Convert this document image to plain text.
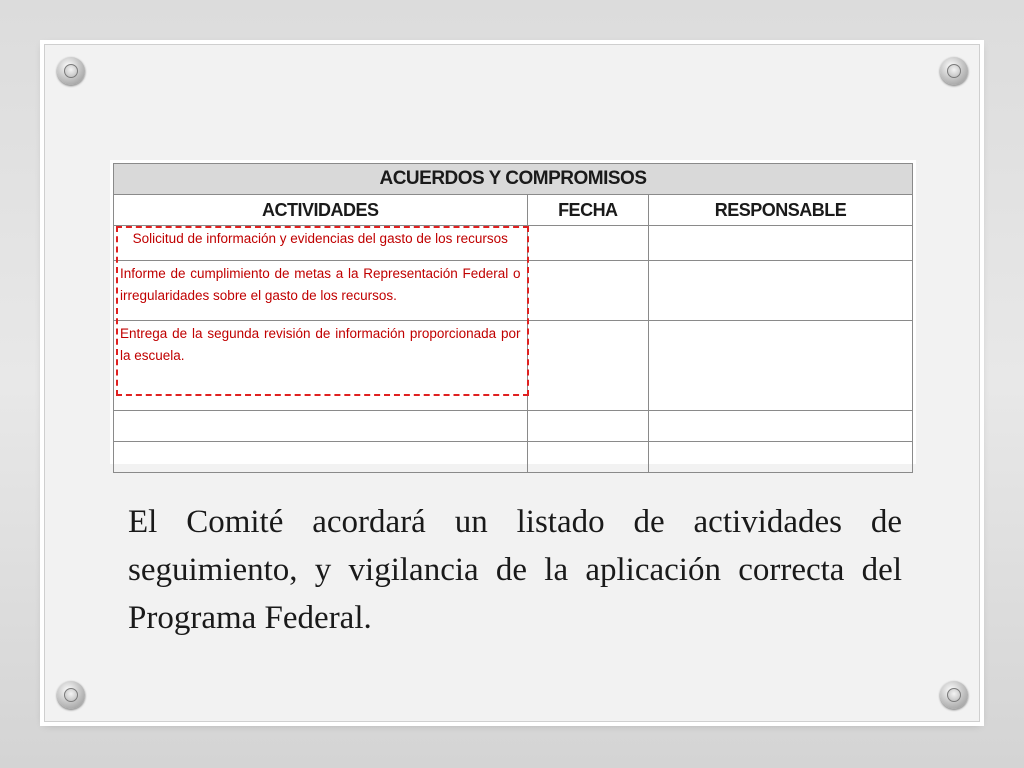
ACUERDOS Y COMPROMISOS		
ACTIVIDADES	FECHA	RESPONSABLE
Solicitud de información y evidencias del gasto de los recursos		
Informe de cumplimiento de metas a la Representación Federal o irregularidades sobre el gasto de los recursos.		
Entrega de la segunda revisión de información proporcionada por la escuela.		

El Comité acordará un listado de actividades de seguimiento, y vigilancia de la aplicación correcta del Programa Federal.
